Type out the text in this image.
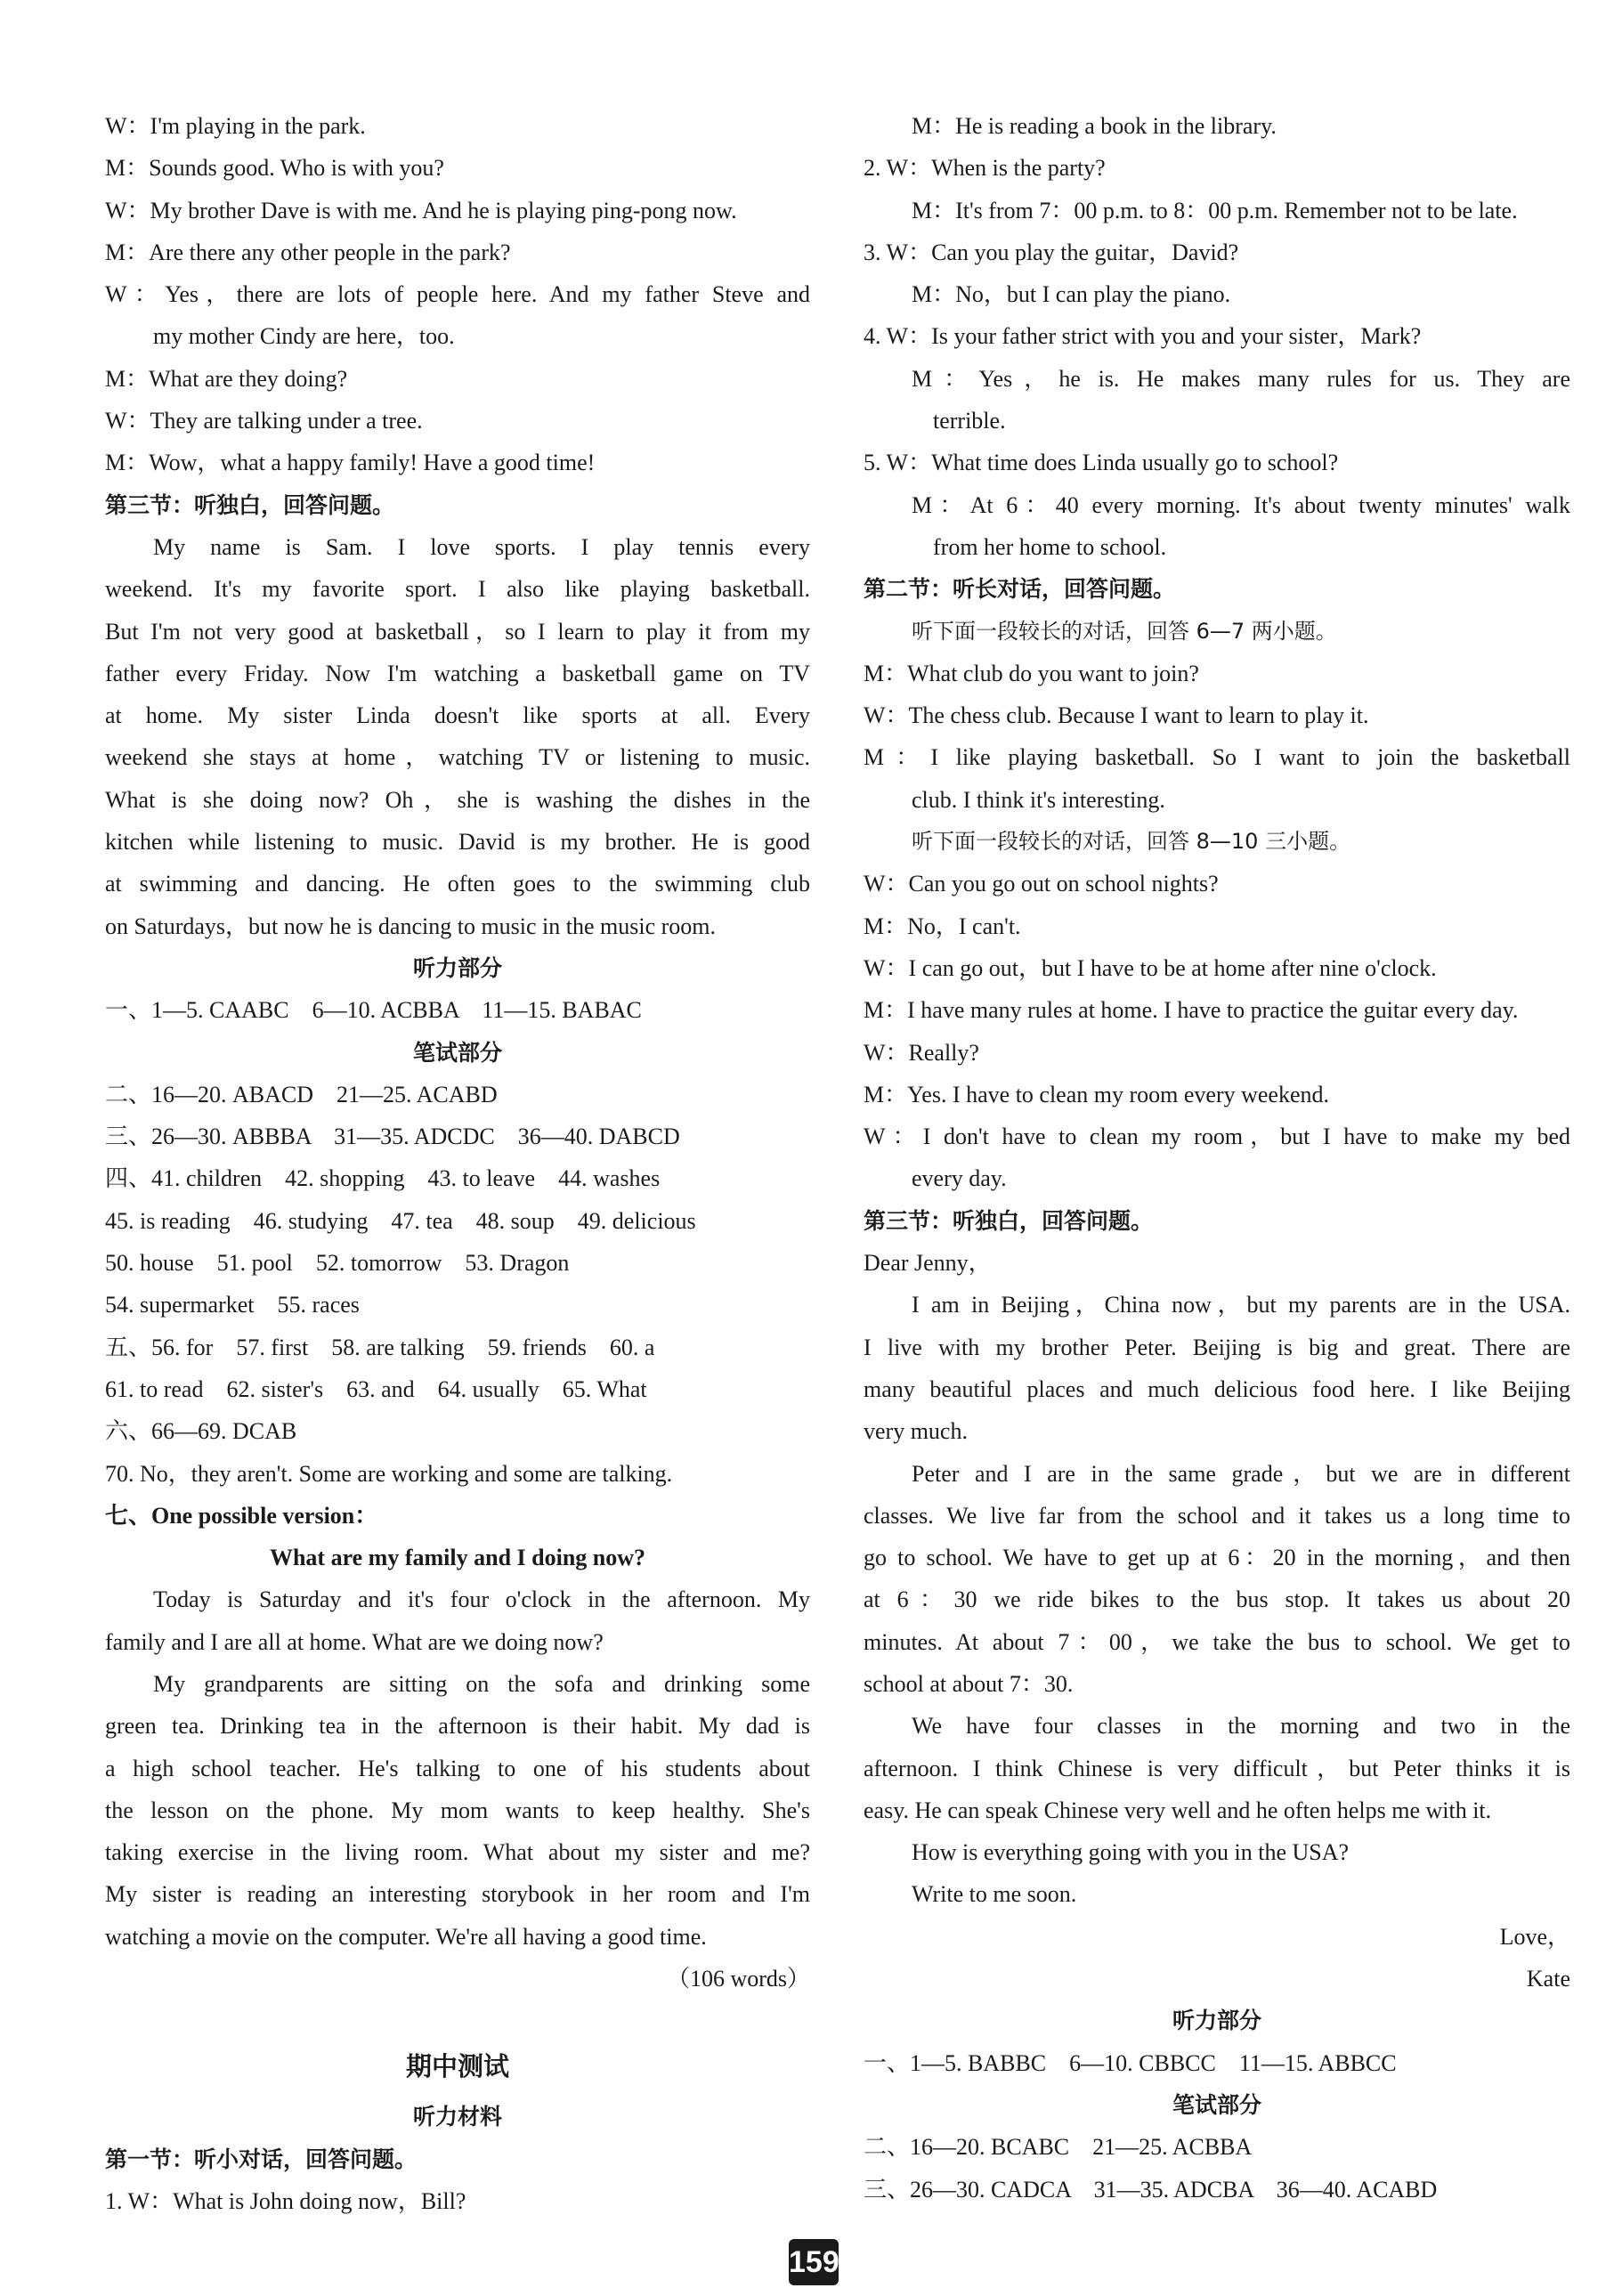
W：I'm playing in the park.
M：Sounds good. Who is with you?
W：My brother Dave is with me. And he is playing ping-pong now.
M：Are there any other people in the park?
W：Yes，there are lots of people here. And my father Steve and
my mother Cindy are here，too.
M：What are they doing?
W：They are talking under a tree.
M：Wow，what a happy family! Have a good time!
第三节：听独白，回答问题。
My name is Sam. I love sports. I play tennis every
weekend. It's my favorite sport. I also like playing basketball.
But I'm not very good at basketball，so I learn to play it from my
father every Friday. Now I'm watching a basketball game on TV
at home. My sister Linda doesn't like sports at all. Every
weekend she stays at home，watching TV or listening to music.
What is she doing now? Oh，she is washing the dishes in the
kitchen while listening to music. David is my brother. He is good
at swimming and dancing. He often goes to the swimming club
on Saturdays，but now he is dancing to music in the music room.
听力部分
一、1—5. CAABC　6—10. ACBBA　11—15. BABAC
笔试部分
二、16—20. ABACD　21—25. ACABD
三、26—30. ABBBA　31—35. ADCDC　36—40. DABCD
四、41. children　42. shopping　43. to leave　44. washes
45. is reading　46. studying　47. tea　48. soup　49. delicious
50. house　51. pool　52. tomorrow　53. Dragon
54. supermarket　55. races
五、56. for　57. first　58. are talking　59. friends　60. a
61. to read　62. sister's　63. and　64. usually　65. What
六、66—69. DCAB
70. No，they aren't. Some are working and some are talking.
七、One possible version：
What are my family and I doing now?
Today is Saturday and it's four o'clock in the afternoon. My
family and I are all at home. What are we doing now?
My grandparents are sitting on the sofa and drinking some
green tea. Drinking tea in the afternoon is their habit. My dad is
a high school teacher. He's talking to one of his students about
the lesson on the phone. My mom wants to keep healthy. She's
taking exercise in the living room. What about my sister and me?
My sister is reading an interesting storybook in her room and I'm
watching a movie on the computer. We're all having a good time.
（106 words）
期中测试
听力材料
第一节：听小对话，回答问题。
1. W：What is John doing now，Bill?
M：He is reading a book in the library.
2. W：When is the party?
M：It's from 7：00 p.m. to 8：00 p.m. Remember not to be late.
3. W：Can you play the guitar，David?
M：No，but I can play the piano.
4. W：Is your father strict with you and your sister，Mark?
M：Yes，he is. He makes many rules for us. They are
terrible.
5. W：What time does Linda usually go to school?
M：At 6：40 every morning. It's about twenty minutes' walk
from her home to school.
第二节：听长对话，回答问题。
听下面一段较长的对话，回答 6—7 两小题。
M：What club do you want to join?
W：The chess club. Because I want to learn to play it.
M：I like playing basketball. So I want to join the basketball
club. I think it's interesting.
听下面一段较长的对话，回答 8—10 三小题。
W：Can you go out on school nights?
M：No，I can't.
W：I can go out，but I have to be at home after nine o'clock.
M：I have many rules at home. I have to practice the guitar every day.
W：Really?
M：Yes. I have to clean my room every weekend.
W：I don't have to clean my room，but I have to make my bed
every day.
第三节：听独白，回答问题。
Dear Jenny，
I am in Beijing，China now，but my parents are in the USA.
I live with my brother Peter. Beijing is big and great. There are
many beautiful places and much delicious food here. I like Beijing
very much.
Peter and I are in the same grade，but we are in different
classes. We live far from the school and it takes us a long time to
go to school. We have to get up at 6：20 in the morning，and then
at 6：30 we ride bikes to the bus stop. It takes us about 20
minutes. At about 7：00，we take the bus to school. We get to
school at about 7：30.
We have four classes in the morning and two in the
afternoon. I think Chinese is very difficult，but Peter thinks it is
easy. He can speak Chinese very well and he often helps me with it.
How is everything going with you in the USA?
Write to me soon.
Love，
Kate
听力部分
一、1—5. BABBC　6—10. CBBCC　11—15. ABBCC
笔试部分
二、16—20. BCABC　21—25. ACBBA
三、26—30. CADCA　31—35. ADCBA　36—40. ACABD
159
